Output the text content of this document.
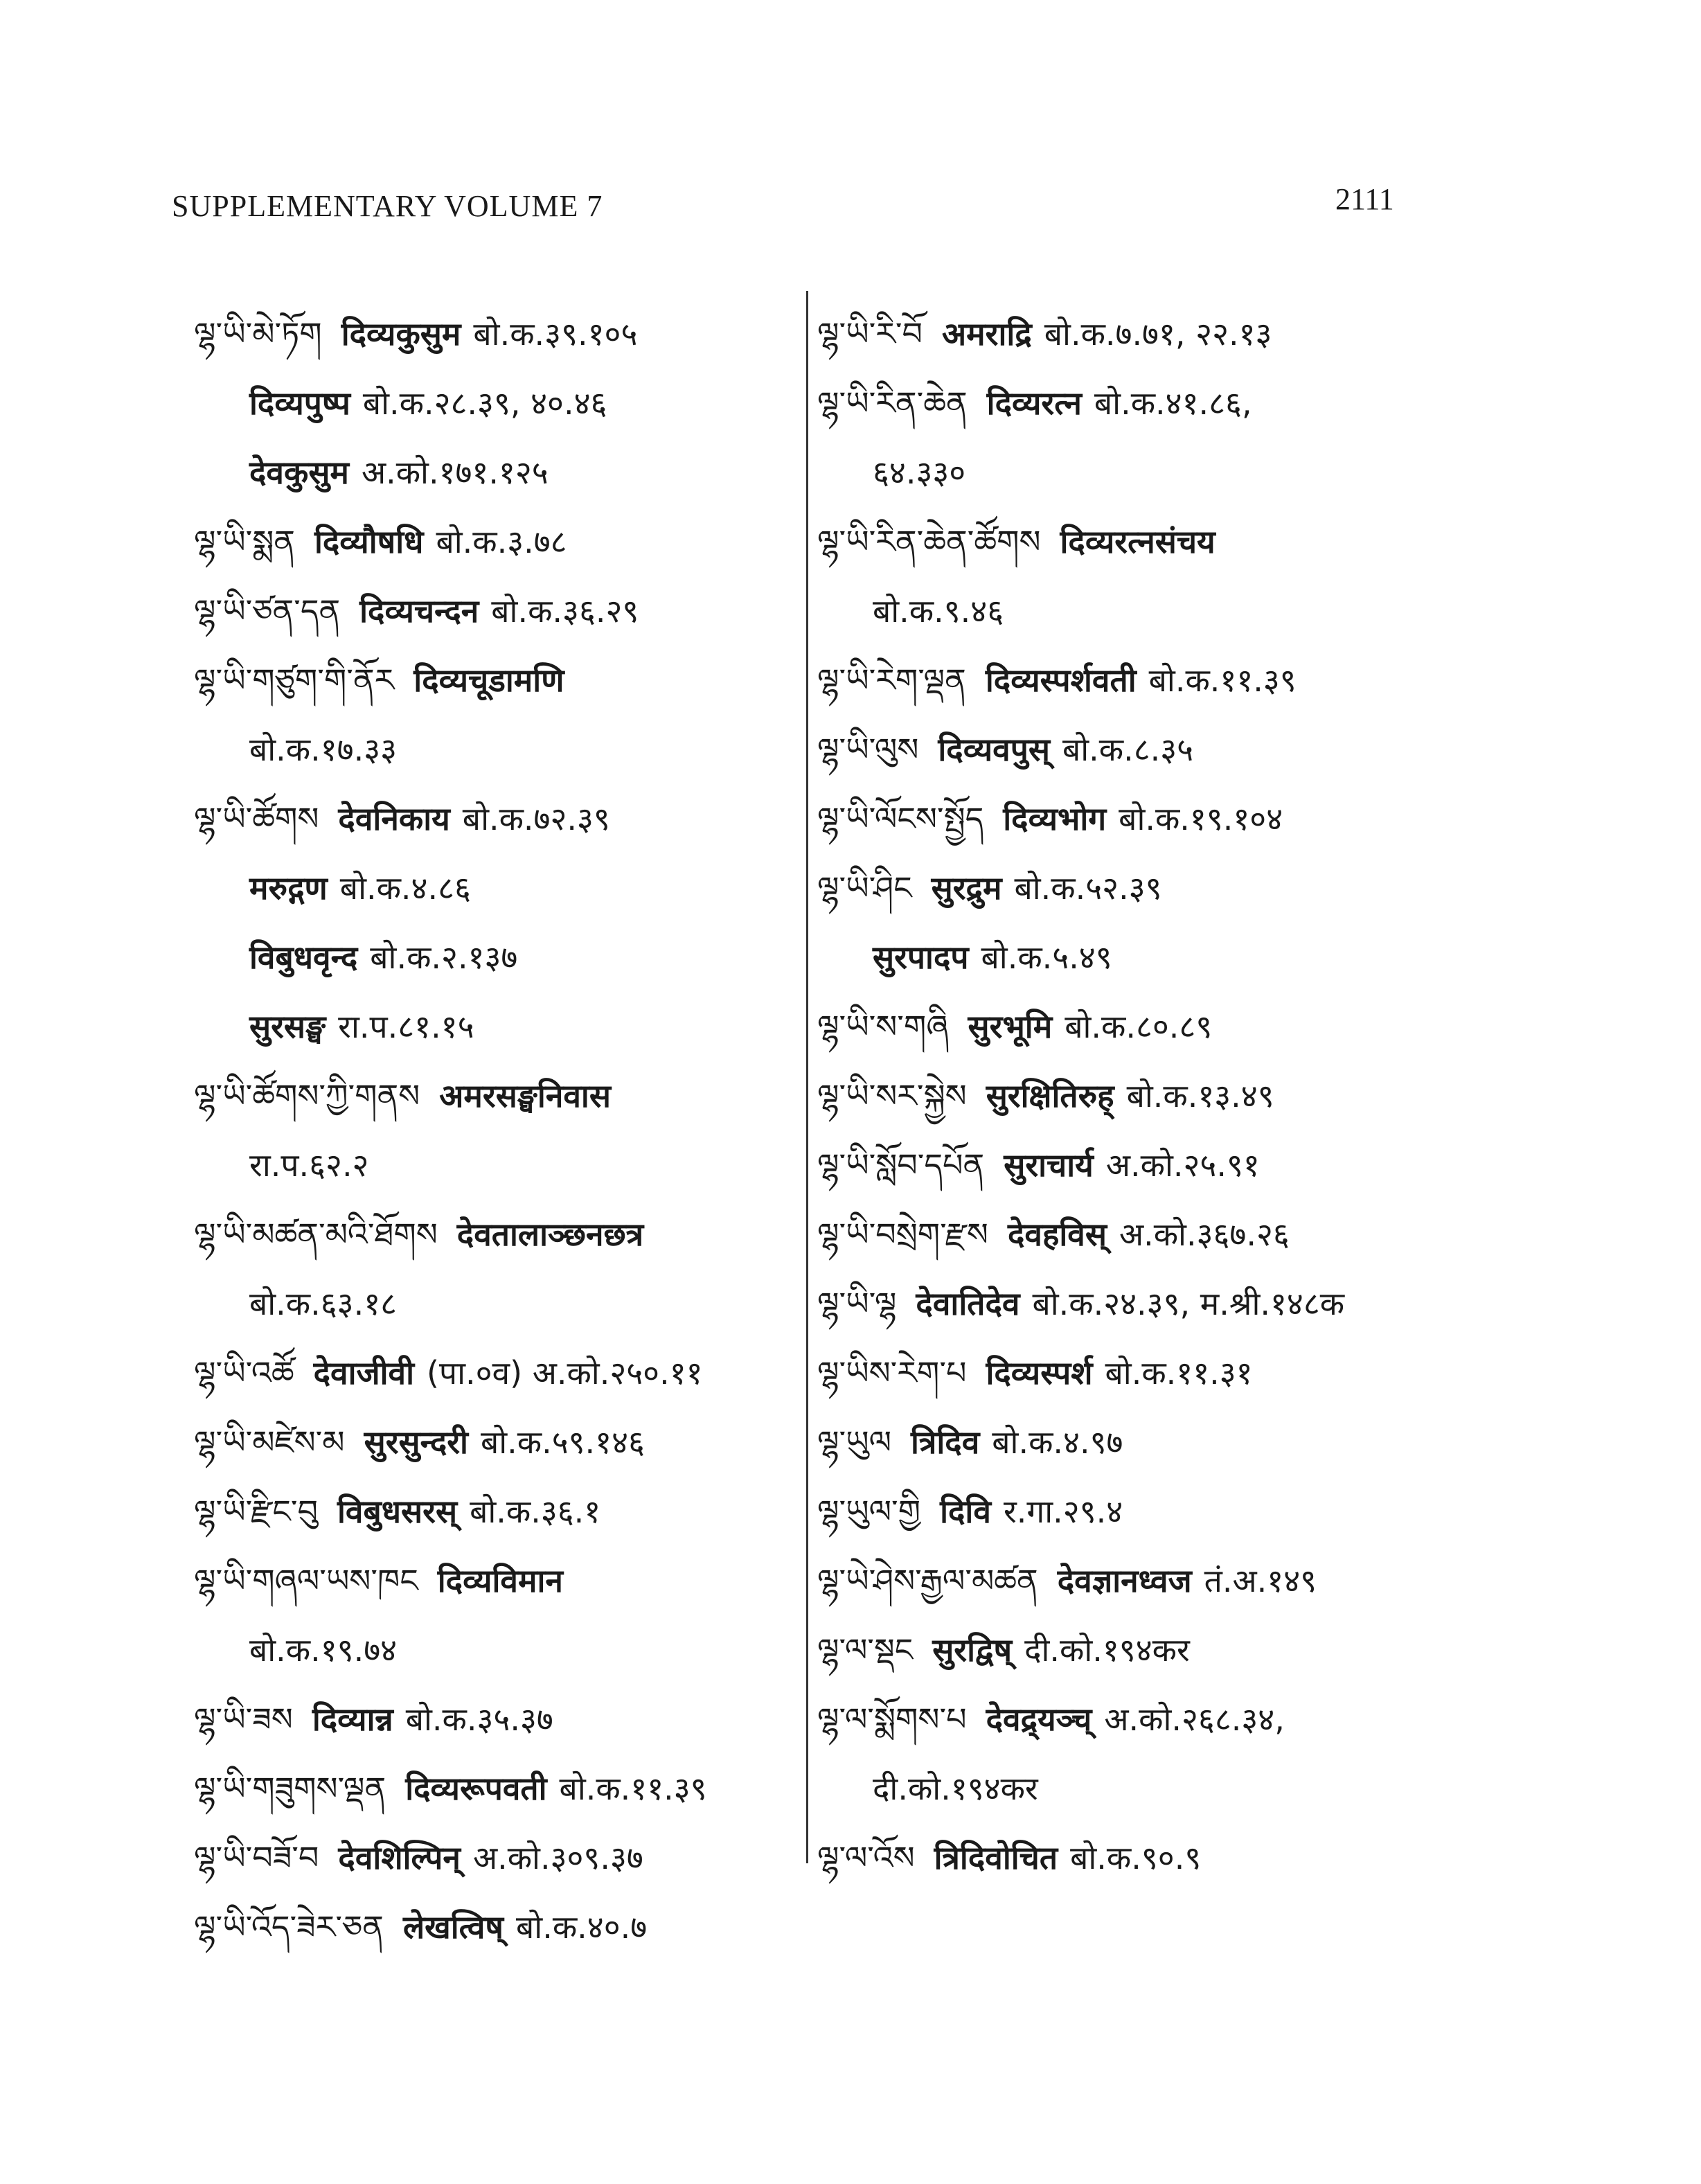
SUPPLEMENTARY VOLUME 7	2111
ལྷ་ཡི་མེ་ཏོག दिव्यकुसुम बो.क.३९.१०५
दिव्यपुष्प बो.क.२८.३९, ४०.४६
देवकुसुम अ.को.१७१.१२५
ལྷ་ཡི་སྨན दिव्यौषधि बो.क.३.७८
ལྷ་ཡི་ཙན་དན दिव्यचन्दन बो.क.३६.२९
ལྷ་ཡི་གཙུག་གི་ནོར दिव्यचूडामणि
बो.क.१७.३३
ལྷ་ཡི་ཚོགས देवनिकाय बो.क.७२.३९
मरुद्गण बो.क.४.८६
विबुधवृन्द बो.क.२.१३७
सुरसङ्घ रा.प.८१.१५
ལྷ་ཡི་ཚོགས་ཀྱི་གནས अमरसङ्घनिवास
रा.प.६२.२
ལྷ་ཡི་མཚན་མའི་ཐོགས देवतालाञ्छनछत्र
बो.क.६३.१८
ལྷ་ཡི་འཚོ देवाजीवी (पा.०व) अ.को.२५०.११
ལྷ་ཡི་མཛེས་མ सुरसुन्दरी बो.क.५९.१४६
ལྷ་ཡི་རྫིང་བུ विबुधसरस् बो.क.३६.१
ལྷ་ཡི་གཞལ་ཡས་ཁང दिव्यविमान
बो.क.१९.७४
ལྷ་ཡི་ཟས दिव्यान्न बो.क.३५.३७
ལྷ་ཡི་གཟུགས་ལྡན दिव्यरूपवती बो.क.११.३९
ལྷ་ཡི་བཟོ་བ देवशिल्पिन् अ.को.३०९.३७
ལྷ་ཡི་འོད་ཟེར་ཅན लेखत्विष् बो.क.४०.७
ལྷ་ཡི་རི་བོ अमराद्रि बो.क.७.७१, २२.१३
ལྷ་ཡི་རིན་ཆེན दिव्यरत्न बो.क.४१.८६,
६४.३३०
ལྷ་ཡི་རིན་ཆེན་ཚོགས दिव्यरत्नसंचय
बो.क.९.४६
ལྷ་ཡི་རེག་ལྡན दिव्यस्पर्शवती बो.क.११.३९
ལྷ་ཡི་ལུས दिव्यवपुस् बो.क.८.३५
ལྷ་ཡི་ལོངས་སྤྱོད दिव्यभोग बो.क.१९.१०४
ལྷ་ཡི་ཤིང सुरद्रुम बो.क.५२.३९
सुरपादप बो.क.५.४९
ལྷ་ཡི་ས་གཞི सुरभूमि बो.क.८०.८९
ལྷ་ཡི་སར་སྐྱེས सुरक्षितिरुह् बो.क.१३.४९
ལྷ་ཡི་སློབ་དཔོན सुराचार्य अ.को.२५.९१
ལྷ་ཡི་བསྲེག་རྫས देवहविस् अ.को.३६७.२६
ལྷ་ཡི་ལྷ देवातिदेव बो.क.२४.३९, म.श्री.१४८क
ལྷ་ཡིས་རེག་པ दिव्यस्पर्श बो.क.११.३१
ལྷ་ཡུལ त्रिदिव बो.क.४.९७
ལྷ་ཡུལ་གྱི दिवि र.गा.२९.४
ལྷ་ཡེ་ཤེས་རྒྱལ་མཚན देवज्ञानध्वज तं.अ.१४९
ལྷ་ལ་སྡང सुरद्विष् दी.को.१९४कर
ལྷ་ལ་སྨོགས་པ देवद्र्यञ्च् अ.को.२६८.३४,
दी.को.१९४कर
ལྷ་ལ་འོས त्रिदिवोचित बो.क.९०.९
